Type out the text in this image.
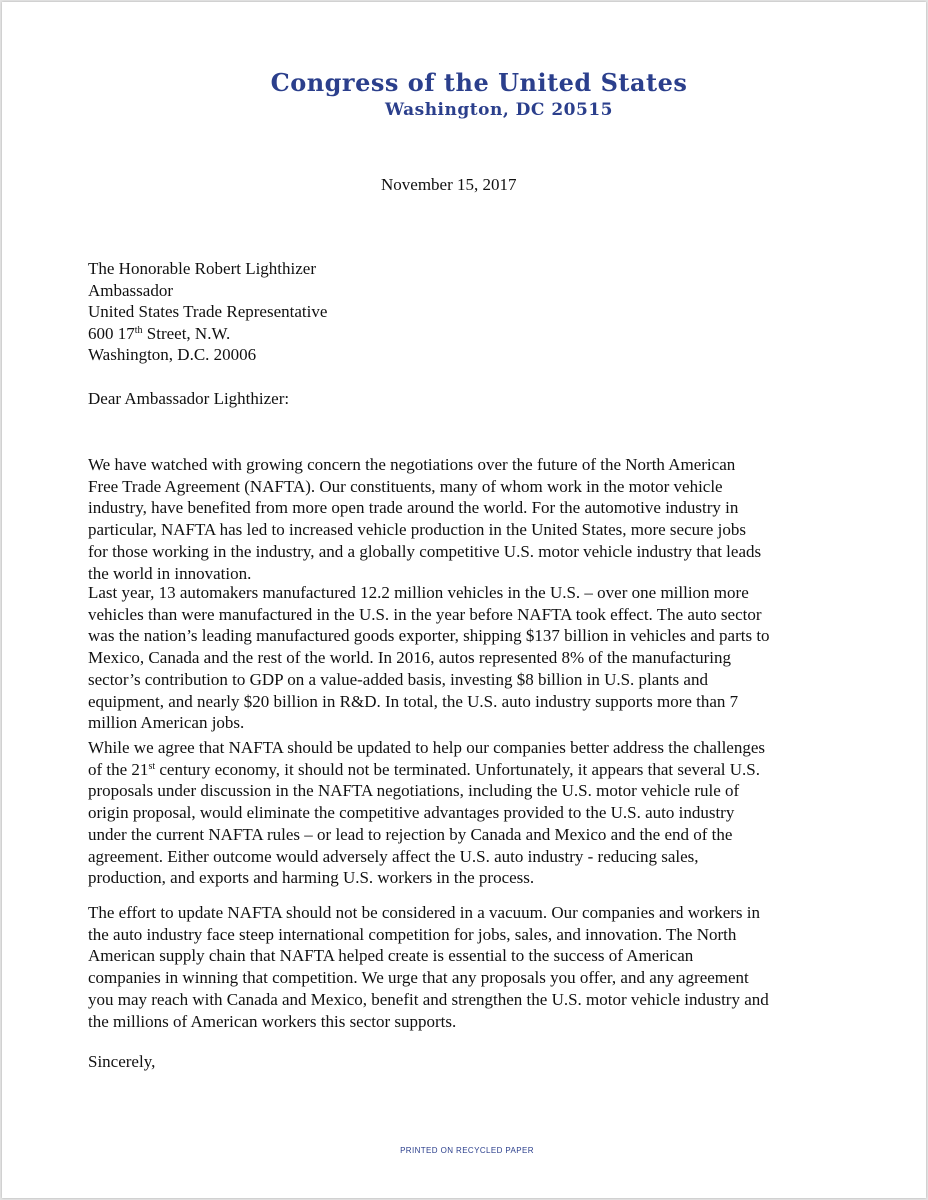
Congress of the United States
Washington, DC 20515
November 15, 2017
The Honorable Robert Lighthizer
Ambassador
United States Trade Representative
600 17th Street, N.W.
Washington, D.C. 20006
Dear Ambassador Lighthizer:
We have watched with growing concern the negotiations over the future of the North American
Free Trade Agreement (NAFTA). Our constituents, many of whom work in the motor vehicle
industry, have benefited from more open trade around the world. For the automotive industry in
particular, NAFTA has led to increased vehicle production in the United States, more secure jobs
for those working in the industry, and a globally competitive U.S. motor vehicle industry that leads
the world in innovation.
Last year, 13 automakers manufactured 12.2 million vehicles in the U.S. – over one million more
vehicles than were manufactured in the U.S. in the year before NAFTA took effect. The auto sector
was the nation’s leading manufactured goods exporter, shipping $137 billion in vehicles and parts to
Mexico, Canada and the rest of the world. In 2016, autos represented 8% of the manufacturing
sector’s contribution to GDP on a value-added basis, investing $8 billion in U.S. plants and
equipment, and nearly $20 billion in R&D. In total, the U.S. auto industry supports more than 7
million American jobs.
While we agree that NAFTA should be updated to help our companies better address the challenges
of the 21st century economy, it should not be terminated. Unfortunately, it appears that several U.S.
proposals under discussion in the NAFTA negotiations, including the U.S. motor vehicle rule of
origin proposal, would eliminate the competitive advantages provided to the U.S. auto industry
under the current NAFTA rules – or lead to rejection by Canada and Mexico and the end of the
agreement. Either outcome would adversely affect the U.S. auto industry - reducing sales,
production, and exports and harming U.S. workers in the process.
The effort to update NAFTA should not be considered in a vacuum. Our companies and workers in
the auto industry face steep international competition for jobs, sales, and innovation. The North
American supply chain that NAFTA helped create is essential to the success of American
companies in winning that competition. We urge that any proposals you offer, and any agreement
you may reach with Canada and Mexico, benefit and strengthen the U.S. motor vehicle industry and
the millions of American workers this sector supports.
Sincerely,
PRINTED ON RECYCLED PAPER
